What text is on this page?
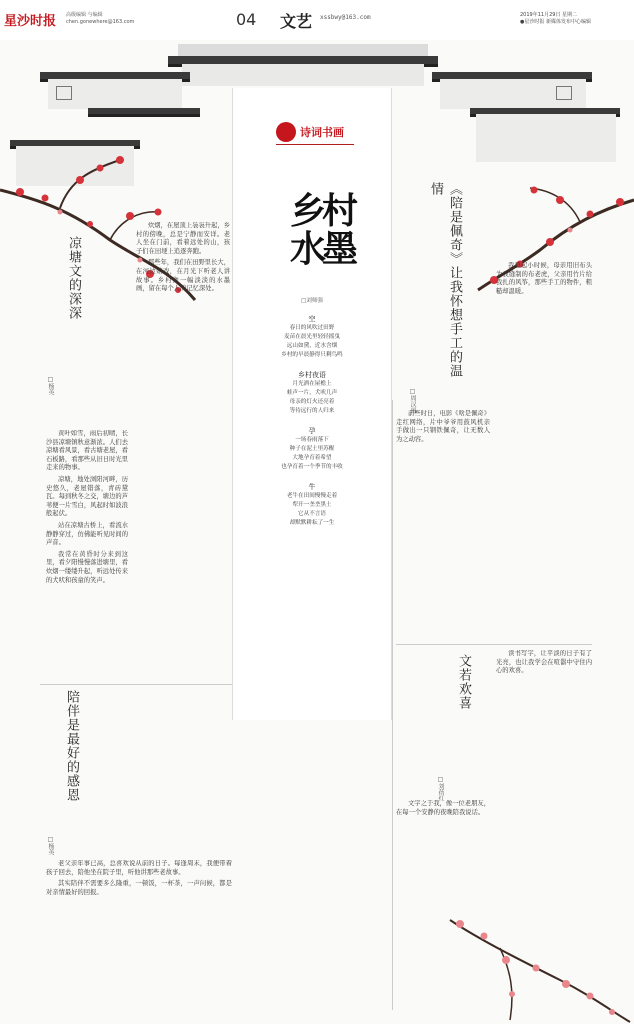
星沙时报 高级编辑 与编辑
chen.gonewhere@163.com	04 文艺 xssbwy@163.com	2019年11月29日 星期二
●星沙时报 新媒体发布中心编辑
诗词书画
乡村水墨
□刘师强
空
春日的风吹过田野
麦苗在晨光里轻轻摇曳
远山如黛，近水含烟
乡村的早晨静得只剩鸟鸣
乡村夜语
月光洒在屋檐上
蛙声一片，犬吠几声
母亲的灯火还亮着
等待远行的人归来
孕
一场春雨落下
种子在泥土里苏醒
大地孕育着希望
也孕育着一个季节的丰收
牛
老牛在田间慢慢走着
犁开一垄垄黑土
它从不言语
却默默耕耘了一生
《陪是佩奇》让我怀想手工的温情
□周汉丽
凉塘文的深深
□杨英
陪伴是最好的感恩
□杨英
文若欢喜
□刘蓓红

黄叶如雪，雨后初晴，长沙县凉塘镇秋意渐浓。人们去凉塘看风景，看古塘老屋，看石板路，看那些从旧日时光里走来的物事。

凉塘，地处浏阳河畔，历史悠久，老屋错落，青砖黛瓦。每到秋冬之交，塘边的芦苇便一片雪白，风起时如波浪般起伏。

站在凉塘古桥上，看流水静静穿过，仿佛能听见时间的声音。

我常在黄昏时分来到这里，看夕阳慢慢落进塘里，看炊烟一缕缕升起，听远处传来的犬吠和孩童的笑声。

炊烟，在屋顶上袅袅升起，乡村的傍晚，总是宁静而安详。老人坐在门前，看着远处的山，孩子们在田埂上追逐奔跑。

那些年，我们在田野里长大，在河边嬉戏，在月光下听老人讲故事。乡村像一幅淡淡的水墨画，留在每个人的记忆深处。

老父亲年事已高，总喜欢说从前的日子。每逢周末，我便带着孩子回去，陪他坐在院子里，听他讲那些老故事。

其实陪伴不需要多么隆重，一顿饭，一杯茶，一声问候，都是对亲情最好的回报。

前些时日，电影《啥是佩奇》走红网络，片中爷爷用鼓风机亲手做出一只钢铁佩奇，让无数人为之动容。

我想起小时候，母亲用旧布头为我缝制的布老虎，父亲用竹片给我扎的风筝，那些手工的物件，粗糙却温暖。

文字之于我，像一位老朋友，在每一个安静的夜晚陪我说话。

读书写字，让平淡的日子有了光亮，也让我学会在喧嚣中守住内心的欢喜。
